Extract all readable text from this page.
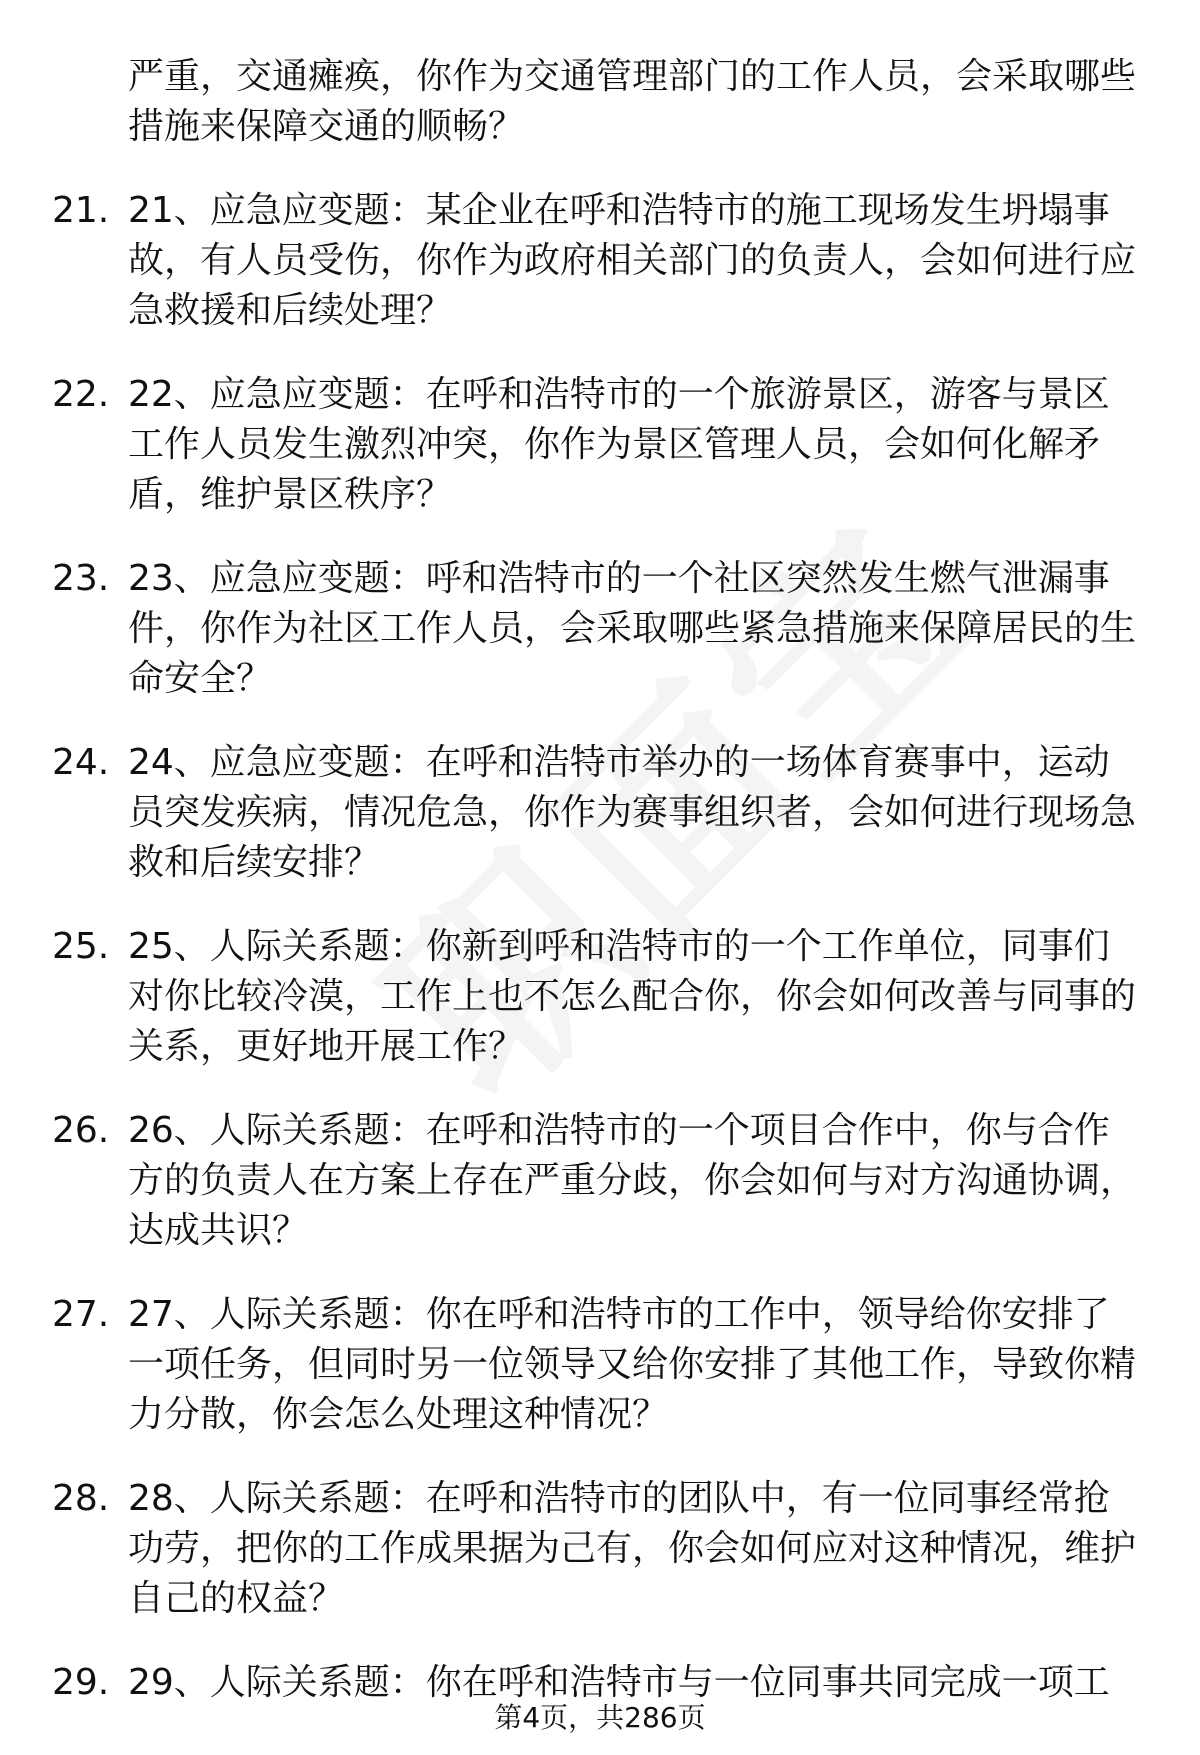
严重，交通瘫痪，你作为交通管理部门的工作人员，会采取哪些措施来保障交通的顺畅？
21. 21、应急应变题：某企业在呼和浩特市的施工现场发生坍塌事故，有人员受伤，你作为政府相关部门的负责人，会如何进行应急救援和后续处理？
22. 22、应急应变题：在呼和浩特市的一个旅游景区，游客与景区工作人员发生激烈冲突，你作为景区管理人员，会如何化解矛盾，维护景区秩序？
23. 23、应急应变题：呼和浩特市的一个社区突然发生燃气泄漏事件，你作为社区工作人员，会采取哪些紧急措施来保障居民的生命安全？
24. 24、应急应变题：在呼和浩特市举办的一场体育赛事中，运动员突发疾病，情况危急，你作为赛事组织者，会如何进行现场急救和后续安排？
25. 25、人际关系题：你新到呼和浩特市的一个工作单位，同事们对你比较冷漠，工作上也不怎么配合你，你会如何改善与同事的关系，更好地开展工作？
26. 26、人际关系题：在呼和浩特市的一个项目合作中，你与合作方的负责人在方案上存在严重分歧，你会如何与对方沟通协调，达成共识？
27. 27、人际关系题：你在呼和浩特市的工作中，领导给你安排了一项任务，但同时另一位领导又给你安排了其他工作，导致你精力分散，你会怎么处理这种情况？
28. 28、人际关系题：在呼和浩特市的团队中，有一位同事经常抢功劳，把你的工作成果据为己有，你会如何应对这种情况，维护自己的权益？
29. 29、人际关系题：你在呼和浩特市与一位同事共同完成一项工
第4页，共286页
